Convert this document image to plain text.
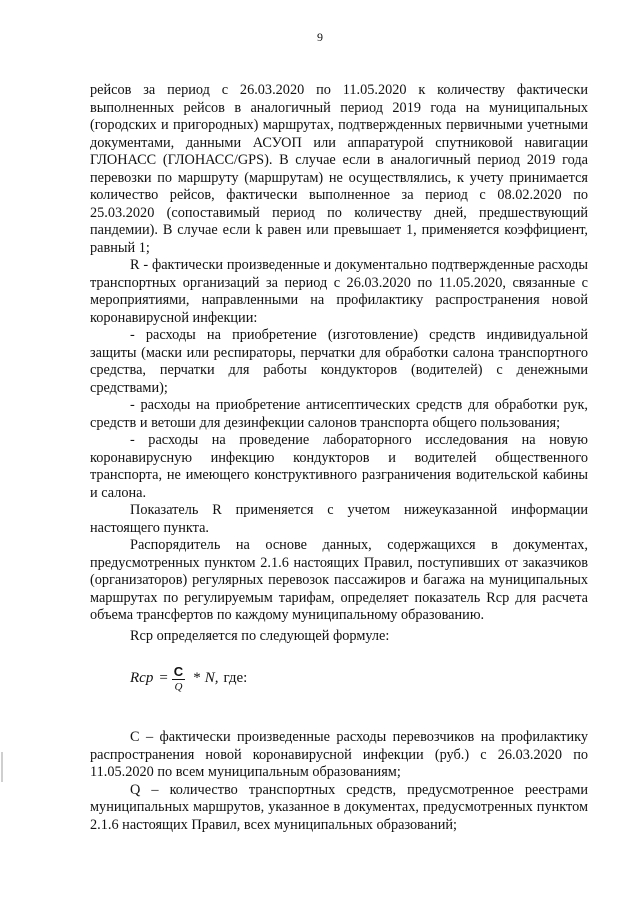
9

рейсов за период с 26.03.2020 по 11.05.2020 к количеству фактически выполненных рейсов в аналогичный период 2019 года на муниципальных (городских и пригородных) маршрутах, подтвержденных первичными учетными документами, данными АСУОП или аппаратурой спутниковой навигации ГЛОНАСС (ГЛОНАСС/GPS). В случае если в аналогичный период 2019 года перевозки по маршруту (маршрутам) не осуществлялись, к учету принимается количество рейсов, фактически выполненное за период с 08.02.2020 по 25.03.2020 (сопоставимый период по количеству дней, предшествующий пандемии). В случае если k равен или превышает 1, применяется коэффициент, равный 1;

R - фактически произведенные и документально подтвержденные расходы транспортных организаций за период с 26.03.2020 по 11.05.2020, связанные с мероприятиями, направленными на профилактику распространения новой коронавирусной инфекции:

- расходы на приобретение (изготовление) средств индивидуальной защиты (маски или респираторы, перчатки для обработки салона транспортного средства, перчатки для работы кондукторов (водителей) с денежными средствами);

- расходы на приобретение антисептических средств для обработки рук, средств и ветоши для дезинфекции салонов транспорта общего пользования;

- расходы на проведение лабораторного исследования на новую коронавирусную инфекцию кондукторов и водителей общественного транспорта, не имеющего конструктивного разграничения водительской кабины и салона.

Показатель R применяется с учетом нижеуказанной информации настоящего пункта.

Распорядитель на основе данных, содержащихся в документах, предусмотренных пунктом 2.1.6 настоящих Правил, поступивших от заказчиков (организаторов) регулярных перевозок пассажиров и багажа на муниципальных маршрутах по регулируемым тарифам, определяет показатель Rср для расчета объема трансфертов по каждому муниципальному образованию.

Rср определяется по следующей формуле:

Rср = $\frac{C}{Q}$ * N, где:

С – фактически произведенные расходы перевозчиков на профилактику распространения новой коронавирусной инфекции (руб.) с 26.03.2020 по 11.05.2020 по всем муниципальным образованиям;

Q – количество транспортных средств, предусмотренное реестрами муниципальных маршрутов, указанное в документах, предусмотренных пунктом 2.1.6 настоящих Правил, всех муниципальных образований;
